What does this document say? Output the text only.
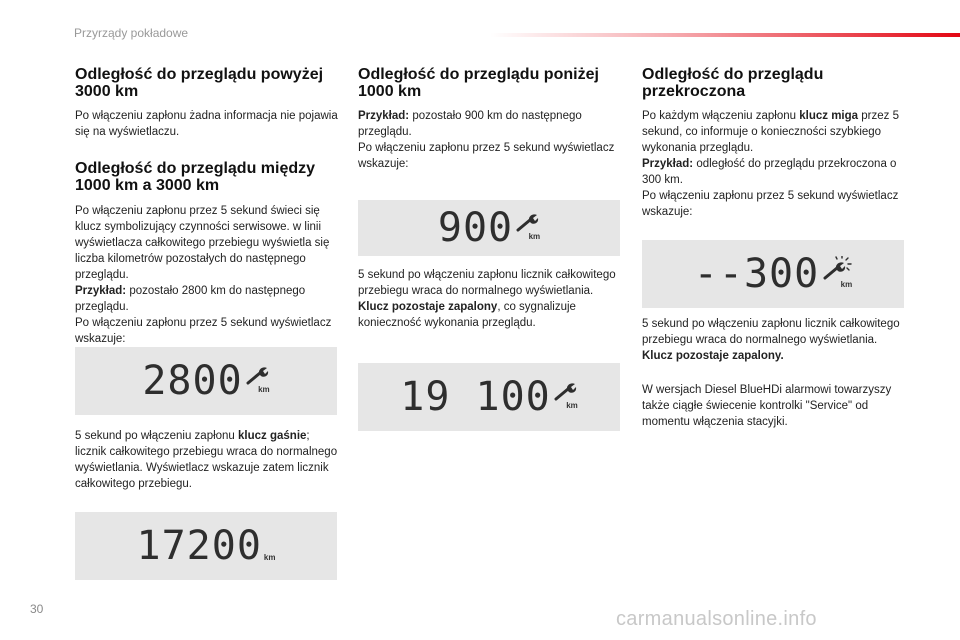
Przyrządy pokładowe
Odległość do przeglądu powyżej 3000 km

Po włączeniu zapłonu żadna informacja nie pojawia się na wyświetlaczu.

Odległość do przeglądu między 1000 km a 3000 km

Po włączeniu zapłonu przez 5 sekund świeci się klucz symbolizujący czynności serwisowe. w linii wyświetlacza całkowitego przebiegu wyświetla się liczba kilometrów pozostałych do następnego przeglądu.
Przykład: pozostało 2800 km do następnego przeglądu.
Po włączeniu zapłonu przez 5 sekund wyświetlacz wskazuje:

2800 km

5 sekund po włączeniu zapłonu klucz gaśnie; licznik całkowitego przebiegu wraca do normalnego wyświetlania. Wyświetlacz wskazuje zatem licznik całkowitego przebiegu.

17200 km
Odległość do przeglądu poniżej 1000 km

Przykład: pozostało 900 km do następnego przeglądu.
Po włączeniu zapłonu przez 5 sekund wyświetlacz wskazuje:

900 km

5 sekund po włączeniu zapłonu licznik całkowitego przebiegu wraca do normalnego wyświetlania. Klucz pozostaje zapalony, co sygnalizuje konieczność wykonania przeglądu.

19 100 km
Odległość do przeglądu przekroczona

Po każdym włączeniu zapłonu klucz miga przez 5 sekund, co informuje o konieczności szybkiego wykonania przeglądu.
Przykład: odległość do przeglądu przekroczona o 300 km.
Po włączeniu zapłonu przez 5 sekund wyświetlacz wskazuje:

--300	km

5 sekund po włączeniu zapłonu licznik całkowitego przebiegu wraca do normalnego wyświetlania. Klucz pozostaje zapalony.

W wersjach Diesel BlueHDi alarmowi towarzyszy także ciągłe świecenie kontrolki "Service" od momentu włączenia stacyjki.

30	carmanualsonline.info
